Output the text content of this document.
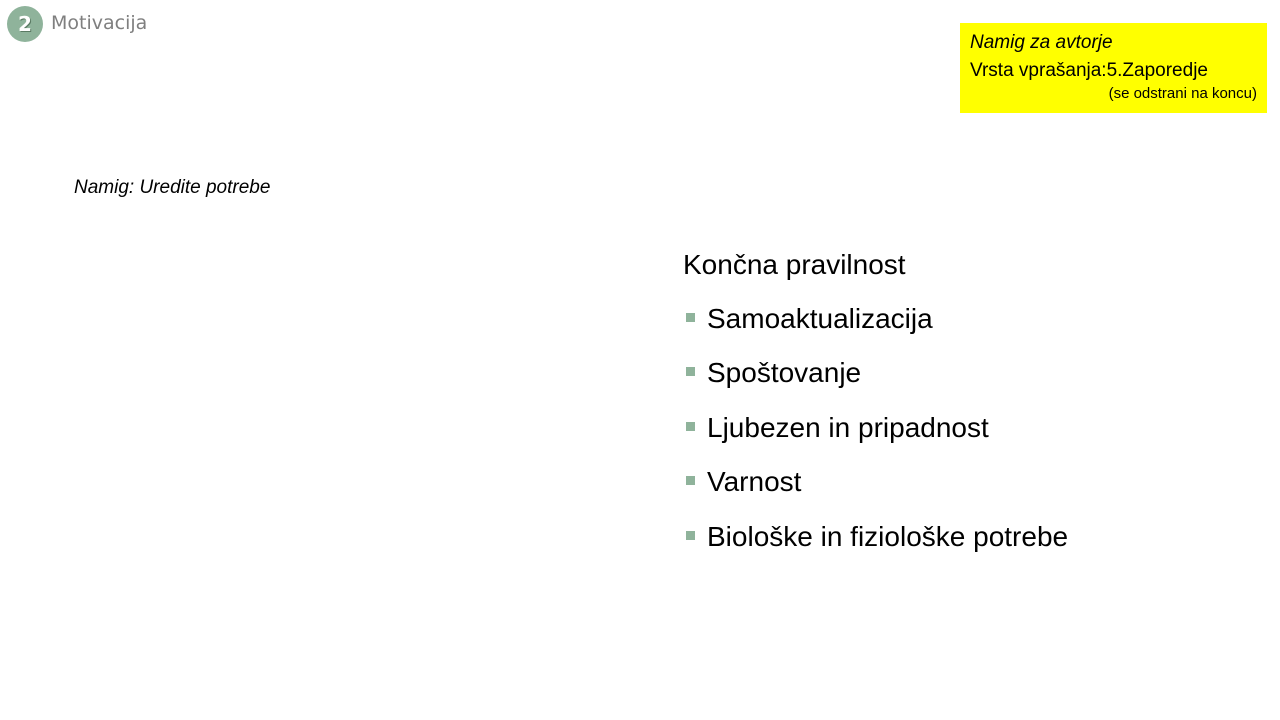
2	Motivacija
Namig za avtorje
Vrsta vprašanja:5.Zaporedje
(se odstrani na koncu)
Namig: Uredite potrebe
Končna pravilnost
Samoaktualizacija
Spoštovanje
Ljubezen in pripadnost
Varnost
Biološke in fiziološke potrebe
